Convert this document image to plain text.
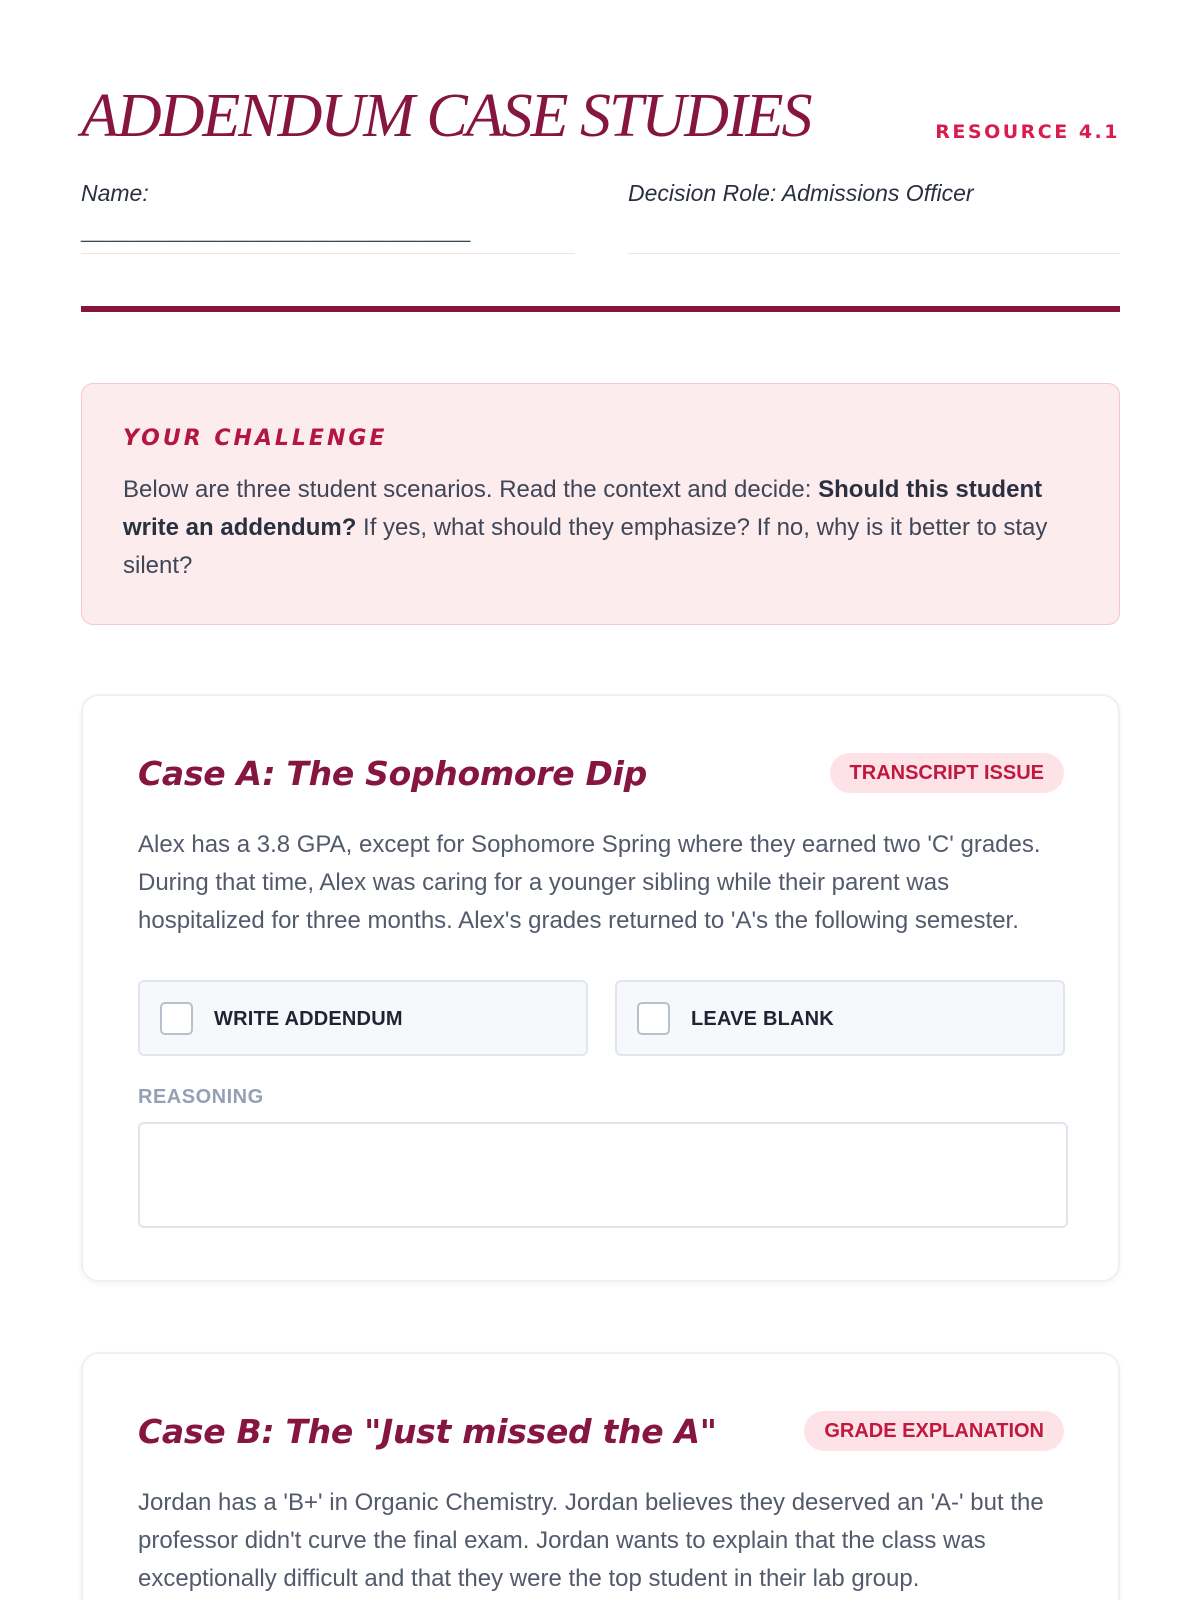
ADDENDUM CASE STUDIES	RESOURCE 4.1
Name:
___________________________________
Decision Role: Admissions Officer
YOUR CHALLENGE

Below are three student scenarios. Read the context and decide: Should this student write an addendum? If yes, what should they emphasize? If no, why is it better to stay silent?

Case A: The Sophomore Dip	TRANSCRIPT ISSUE

Alex has a 3.8 GPA, except for Sophomore Spring where they earned two 'C' grades. During that time, Alex was caring for a younger sibling while their parent was hospitalized for three months. Alex's grades returned to 'A's the following semester.

WRITE ADDENDUM	LEAVE BLANK
REASONING
Case B: The "Just missed the A"	GRADE EXPLANATION

Jordan has a 'B+' in Organic Chemistry. Jordan believes they deserved an 'A-' but the professor didn't curve the final exam. Jordan wants to explain that the class was exceptionally difficult and that they were the top student in their lab group.
